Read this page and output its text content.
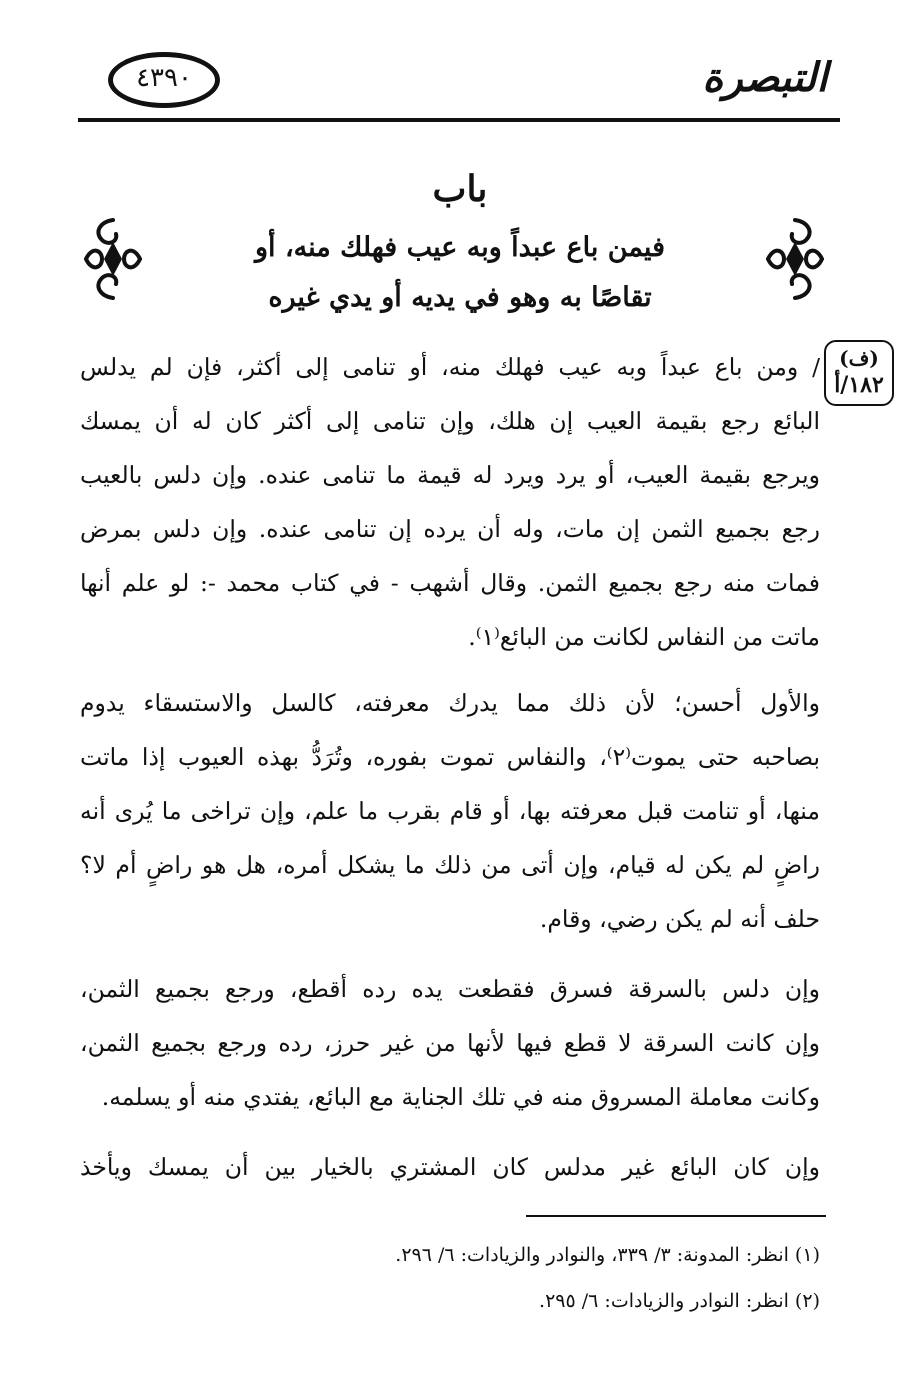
٤٣٩٠	التبصرة
باب
فيمن باع عبداً وبه عيب فهلك منه، أو
تقاصًا به وهو في يديه أو يدي غيره
(ف)
١٨٢/أ
/ ومن باع عبداً وبه عيب فهلك منه، أو تنامى إلى أكثر، فإن لم يدلس
البائع رجع بقيمة العيب إن هلك، وإن تنامى إلى أكثر كان له أن يمسك
ويرجع بقيمة العيب، أو يرد ويرد له قيمة ما تنامى عنده. وإن دلس بالعيب
رجع بجميع الثمن إن مات، وله أن يرده إن تنامى عنده. وإن دلس بمرض
فمات منه رجع بجميع الثمن. وقال أشهب - في كتاب محمد -: لو علم أنها
ماتت من النفاس لكانت من البائع⁽١⁾.
والأول أحسن؛ لأن ذلك مما يدرك معرفته، كالسل والاستسقاء يدوم
بصاحبه حتى يموت⁽٢⁾، والنفاس تموت بفوره، وتُرَدُّ بهذه العيوب إذا ماتت
منها، أو تنامت قبل معرفته بها، أو قام بقرب ما علم، وإن تراخى ما يُرى أنه
راضٍ لم يكن له قيام، وإن أتى من ذلك ما يشكل أمره، هل هو راضٍ أم لا؟
حلف أنه لم يكن رضي، وقام.
وإن دلس بالسرقة فسرق فقطعت يده رده أقطع، ورجع بجميع الثمن،
وإن كانت السرقة لا قطع فيها لأنها من غير حرز، رده ورجع بجميع الثمن،
وكانت معاملة المسروق منه في تلك الجناية مع البائع، يفتدي منه أو يسلمه.
وإن كان البائع غير مدلس كان المشتري بالخيار بين أن يمسك ويأخذ
(١) انظر: المدونة: ٣/ ٣٣٩، والنوادر والزيادات: ٦/ ٢٩٦.
(٢) انظر: النوادر والزيادات: ٦/ ٢٩٥.
